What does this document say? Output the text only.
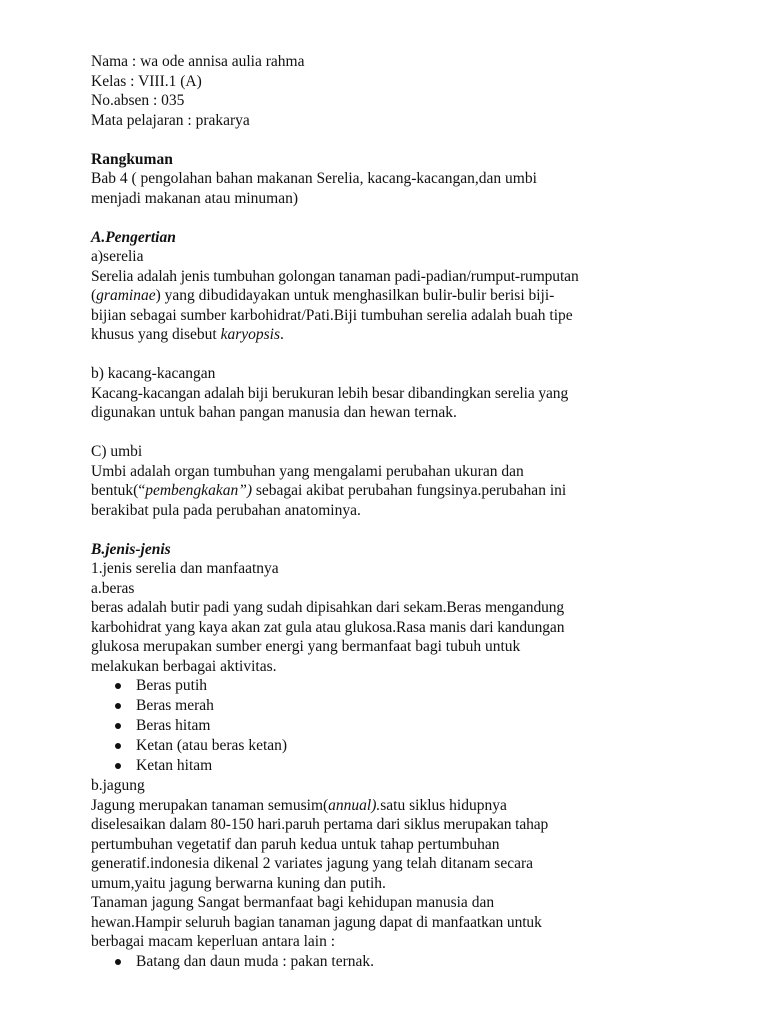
Nama : wa ode annisa aulia rahma
Kelas : VIII.1 (A)
No.absen : 035
Mata pelajaran : prakarya
Rangkuman
Bab 4 ( pengolahan bahan makanan Serelia, kacang-kacangan,dan umbi
menjadi makanan atau minuman)
A.Pengertian
a)serelia
Serelia adalah jenis tumbuhan golongan tanaman padi-padian/rumput-rumputan
(graminae) yang dibudidayakan untuk menghasilkan bulir-bulir berisi biji-
bijian sebagai sumber karbohidrat/Pati.Biji tumbuhan serelia adalah buah tipe
khusus yang disebut karyopsis.
b) kacang-kacangan
Kacang-kacangan adalah biji berukuran lebih besar dibandingkan serelia yang
digunakan untuk bahan pangan manusia dan hewan ternak.
C) umbi
Umbi adalah organ tumbuhan yang mengalami perubahan ukuran dan
bentuk(“pembengkakan”) sebagai akibat perubahan fungsinya.perubahan ini
berakibat pula pada perubahan anatominya.
B.jenis-jenis
1.jenis serelia dan manfaatnya
a.beras
beras adalah butir padi yang sudah dipisahkan dari sekam.Beras mengandung
karbohidrat yang kaya akan zat gula atau glukosa.Rasa manis dari kandungan
glukosa merupakan sumber energi yang bermanfaat bagi tubuh untuk
melakukan berbagai aktivitas.
Beras putih
Beras merah
Beras hitam
Ketan (atau beras ketan)
Ketan hitam
b.jagung
Jagung merupakan tanaman semusim(annual).satu siklus hidupnya
diselesaikan dalam 80-150 hari.paruh pertama dari siklus merupakan tahap
pertumbuhan vegetatif dan paruh kedua untuk tahap pertumbuhan
generatif.indonesia dikenal 2 variates jagung yang telah ditanam secara
umum,yaitu jagung berwarna kuning dan putih.
Tanaman jagung Sangat bermanfaat bagi kehidupan manusia dan
hewan.Hampir seluruh bagian tanaman jagung dapat di manfaatkan untuk
berbagai macam keperluan antara lain :
Batang dan daun muda : pakan ternak.
